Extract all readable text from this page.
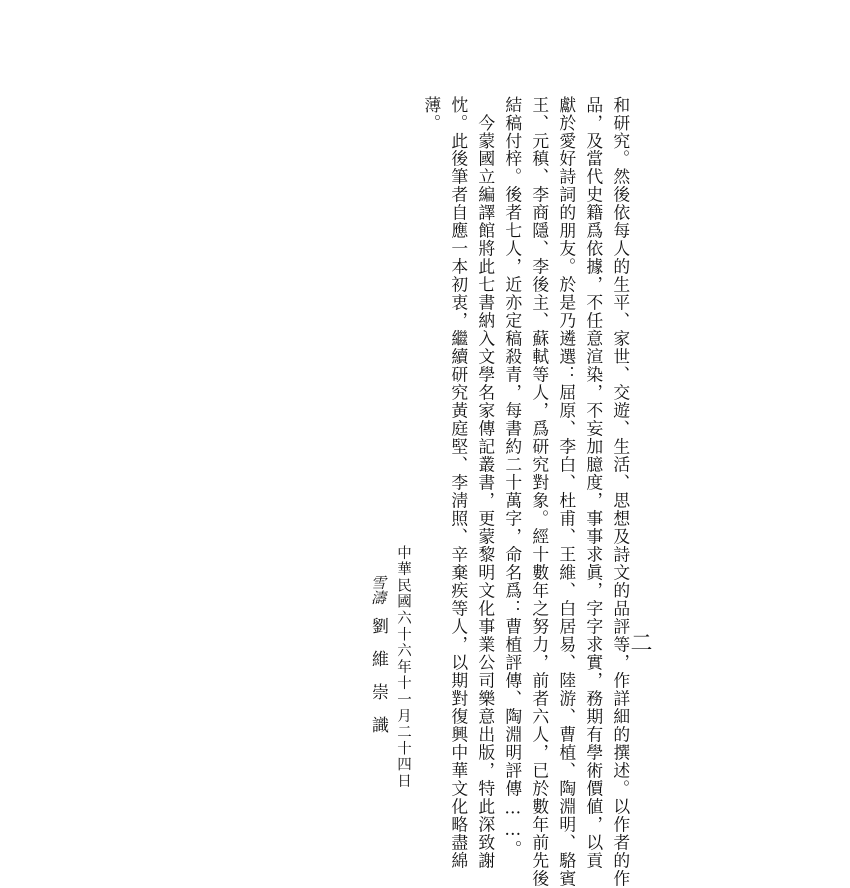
二
和研究。然後依每人的生平、家世、交遊、生活、思想及詩文的品評等，作詳細的撰述。以作者的作
品，及當代史籍爲依據，不任意渲染，不妄加臆度，事事求眞，字字求實，務期有學術價値，以貢
獻於愛好詩詞的朋友。於是乃遴選：屈原、李白、杜甫、王維、白居易、陸游、曹植、陶淵明、駱賓
王、元稹、李商隱、李後主、蘇軾等人，爲研究對象。經十數年之努力，前者六人，已於數年前先後
結稿付梓。後者七人，近亦定稿殺青，每書約二十萬字，命名爲：曹植評傳、陶淵明評傳……。
　今蒙國立編譯館將此七書納入文學名家傳記叢書，更蒙黎明文化事業公司樂意出版，特此深致謝
忱。此後筆者自應一本初衷，繼續研究黃庭堅、李淸照、辛棄疾等人，以期對復興中華文化略盡綿
薄。
中華民國六十六年十一月二十四日
雪濤劉維崇識
